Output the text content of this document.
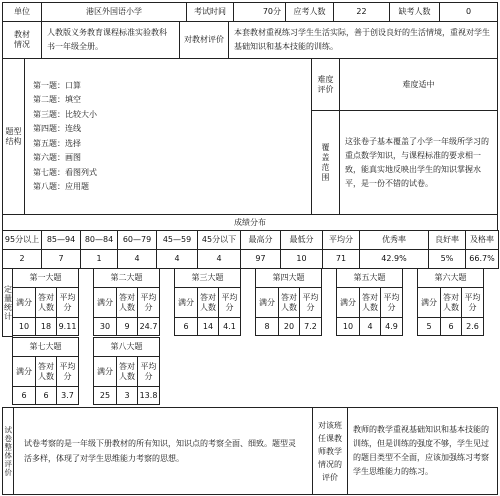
单位	港区外国语小学	考试时间	70分	应考人数	22	缺考人数	0
教材
情况
人教版义务教育课程标准实验教科书一年级全册。
对教材评价
本套教材重视练习学生生活实际，善于创设良好的生活情境，重视对学生基础知识和基本技能的训练。
题型
结构
第一题：口算
第二题：填空
第三题：比较大小
第四题：连线
第五题：选择
第六题：画图
第七题：看图列式
第八题：应用题
难度
评价
难度适中
覆盖范围
这张卷子基本覆盖了小学一年级所学习的重点数学知识，与课程标准的要求相一致，能真实地反映出学生的知识掌握水平，是一份不错的试卷。
成绩分布
95分以上 85—94	80—84	60—79	45—59	45分以下	最高分	最低分	平均分	优秀率	良好率	及格率
2	7	1	4	4	4	97	10	71	42.9%	5%	66.7%
定量统计
第一大题
满分
答对
人数
平均
分
10	18 9.11
第二大题
满分
答对
人数
平均
分
30	9	24.7
第三大题
满分
答对
人数
平均
分
6	14	4.1
第四大题
满分
答对
人数
平均
分
8	20	7.2
第五大题
满分
答对
人数
平均
分
10	4	4.9
第六大题
满分
答对
人数
平均
分
5	6	2.6
第七大题
满分
答对
人数
平均
分
6	6	3.7
第八大题
满分
答对
人数
平均
分
25	3	13.8
试卷整体评价	试卷考察的是一年级下册教材的所有知识，知识点的考察全面、细致。题型灵活多样，体现了对学生思维能力考察的思想。
对该班任课教师教学情况的评价
教师的教学重视基础知识和基本技能的训练，但是训练的强度不够，学生见过的题目类型不全面，应该加强练习考察学生思维能力的练习。
